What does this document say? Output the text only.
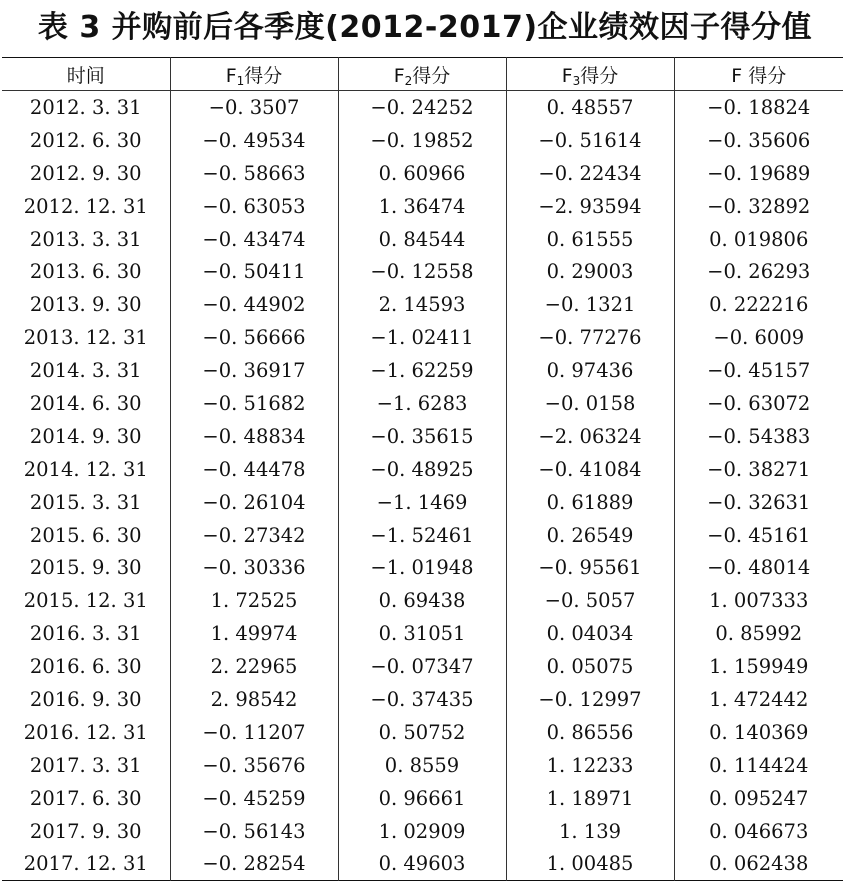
表 3 并购前后各季度(2012-2017)企业绩效因子得分值
时间	$F_1$得分	$F_2$得分	$F_3$得分	F 得分
2012. 3. 31	−0. 3507	−0. 24252	0. 48557	−0. 18824
2012. 6. 30	−0. 49534	−0. 19852	−0. 51614	−0. 35606
2012. 9. 30	−0. 58663	0. 60966	−0. 22434	−0. 19689
2012. 12. 31	−0. 63053	1. 36474	−2. 93594	−0. 32892
2013. 3. 31	−0. 43474	0. 84544	0. 61555	0. 019806
2013. 6. 30	−0. 50411	−0. 12558	0. 29003	−0. 26293
2013. 9. 30	−0. 44902	2. 14593	−0. 1321	0. 222216
2013. 12. 31	−0. 56666	−1. 02411	−0. 77276	−0. 6009
2014. 3. 31	−0. 36917	−1. 62259	0. 97436	−0. 45157
2014. 6. 30	−0. 51682	−1. 6283	−0. 0158	−0. 63072
2014. 9. 30	−0. 48834	−0. 35615	−2. 06324	−0. 54383
2014. 12. 31	−0. 44478	−0. 48925	−0. 41084	−0. 38271
2015. 3. 31	−0. 26104	−1. 1469	0. 61889	−0. 32631
2015. 6. 30	−0. 27342	−1. 52461	0. 26549	−0. 45161
2015. 9. 30	−0. 30336	−1. 01948	−0. 95561	−0. 48014
2015. 12. 31	1. 72525	0. 69438	−0. 5057	1. 007333
2016. 3. 31	1. 49974	0. 31051	0. 04034	0. 85992
2016. 6. 30	2. 22965	−0. 07347	0. 05075	1. 159949
2016. 9. 30	2. 98542	−0. 37435	−0. 12997	1. 472442
2016. 12. 31	−0. 11207	0. 50752	0. 86556	0. 140369
2017. 3. 31	−0. 35676	0. 8559	1. 12233	0. 114424
2017. 6. 30	−0. 45259	0. 96661	1. 18971	0. 095247
2017. 9. 30	−0. 56143	1. 02909	1. 139	0. 046673
2017. 12. 31	−0. 28254	0. 49603	1. 00485	0. 062438
